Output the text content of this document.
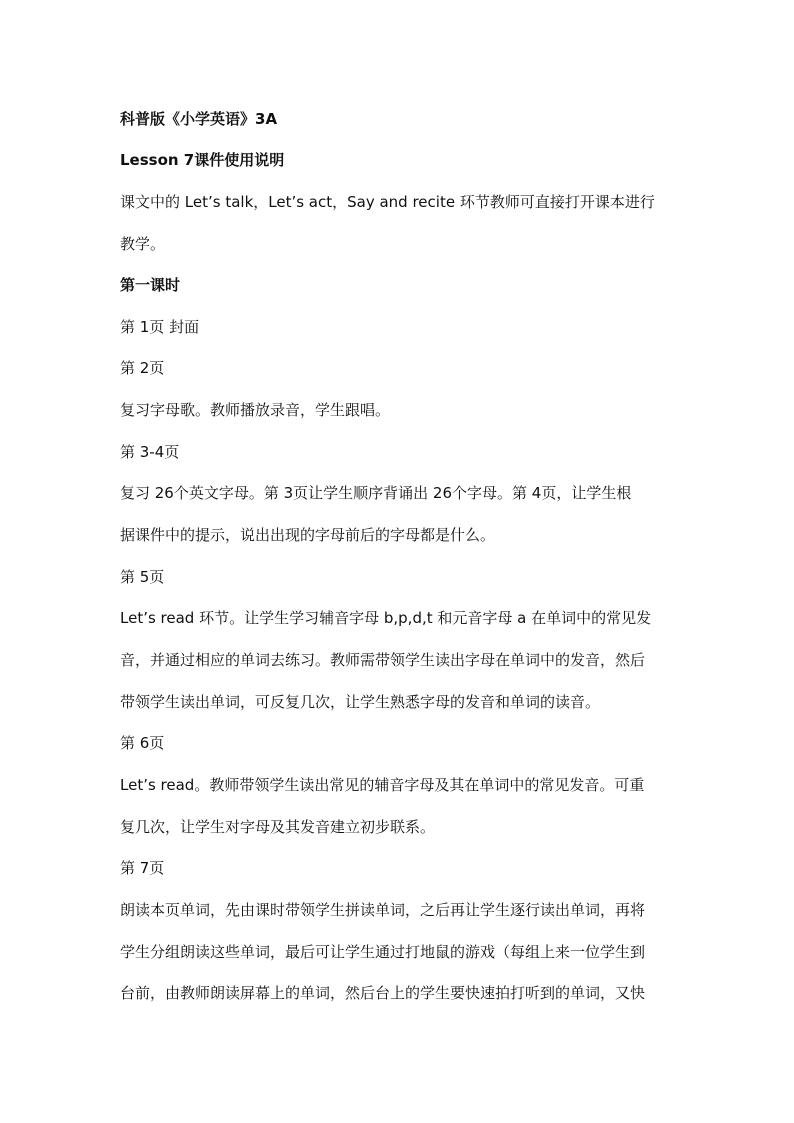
科普版《小学英语》3A
Lesson 7课件使用说明
课文中的 Let’s talk，Let’s act，Say and recite 环节教师可直接打开课本进行
教学。
第一课时
第 1页 封面
第 2页
复习字母歌。教师播放录音，学生跟唱。
第 3-4页
复习 26个英文字母。第 3页让学生顺序背诵出 26个字母。第 4页，让学生根
据课件中的提示，说出出现的字母前后的字母都是什么。
第 5页
Let’s read 环节。让学生学习辅音字母 b,p,d,t 和元音字母 a 在单词中的常见发
音，并通过相应的单词去练习。教师需带领学生读出字母在单词中的发音，然后
带领学生读出单词，可反复几次，让学生熟悉字母的发音和单词的读音。
第 6页
Let’s read。教师带领学生读出常见的辅音字母及其在单词中的常见发音。可重
复几次，让学生对字母及其发音建立初步联系。
第 7页
朗读本页单词，先由课时带领学生拼读单词，之后再让学生逐行读出单词，再将
学生分组朗读这些单词，最后可让学生通过打地鼠的游戏（每组上来一位学生到
台前，由教师朗读屏幕上的单词，然后台上的学生要快速拍打听到的单词，又快
